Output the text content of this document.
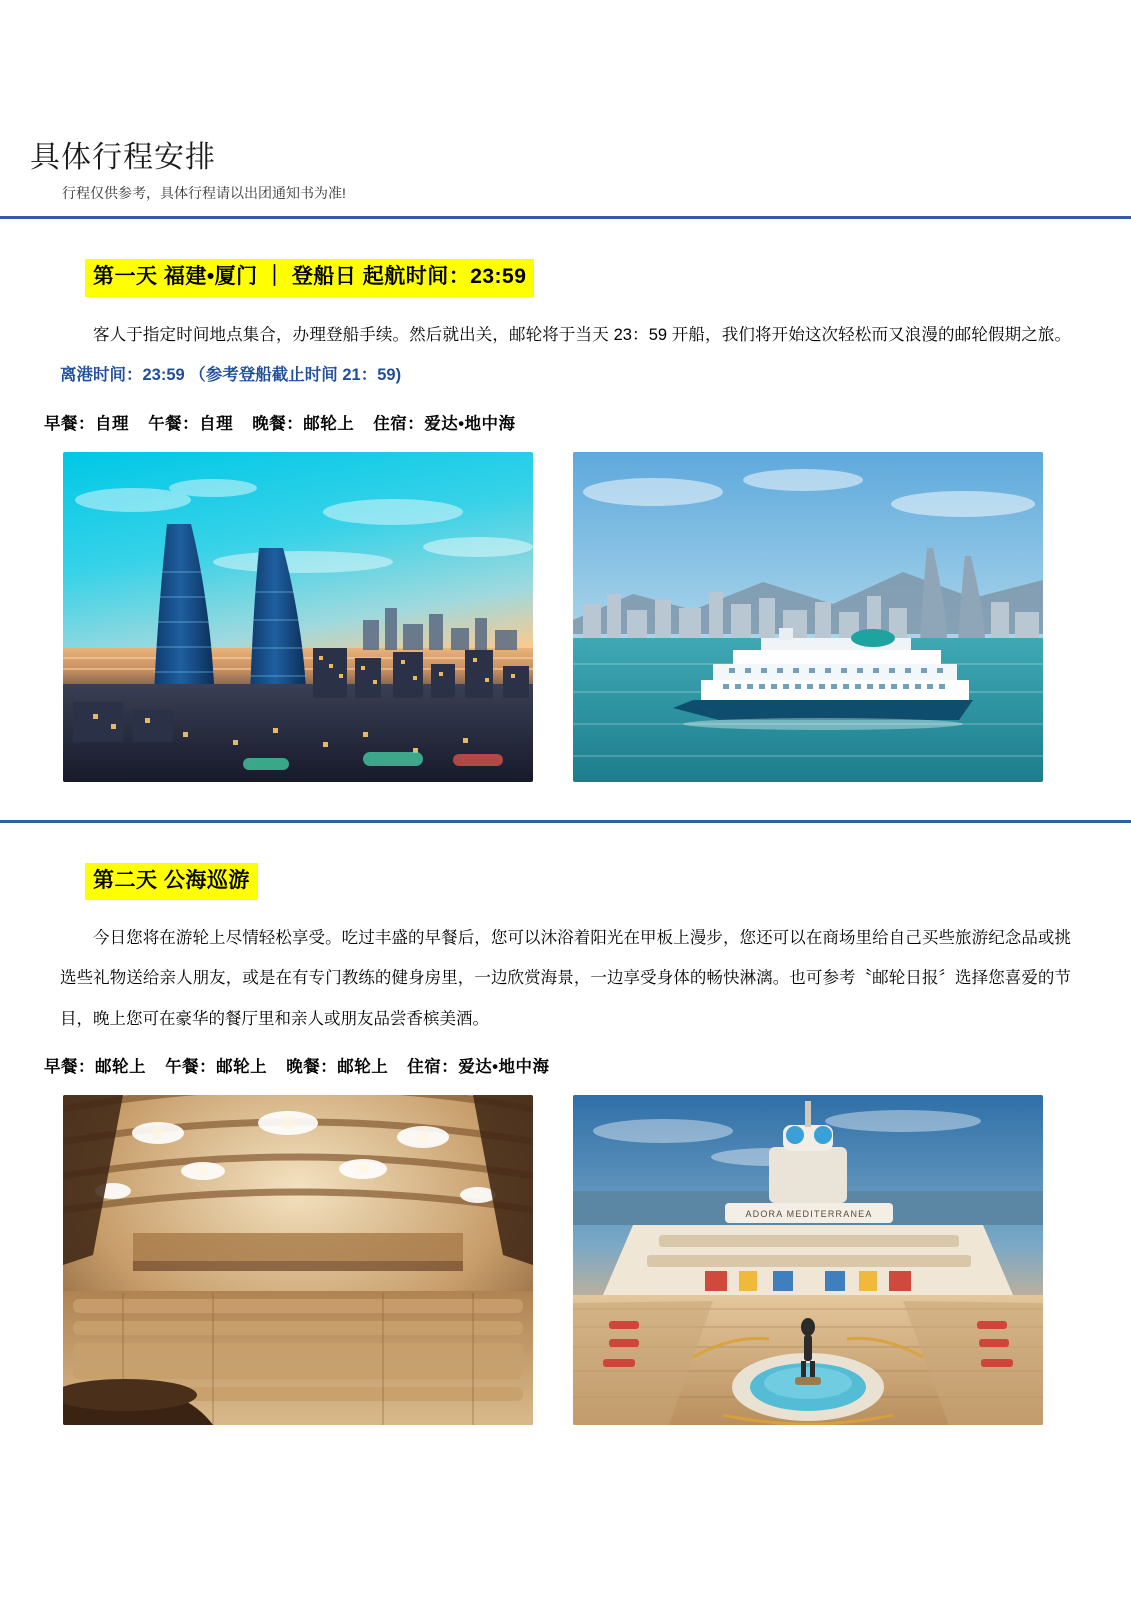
具体行程安排
行程仅供参考，具体行程请以出团通知书为准!
第一天 福建•厦门 ｜ 登船日 起航时间：23:59

客人于指定时间地点集合，办理登船手续。然后就出关，邮轮将于当天 23：59 开船，我们将开始这次轻松而又浪漫的邮轮假期之旅。离港时间：23:59 （参考登船截止时间 21：59)

早餐：自理 午餐：自理 晚餐：邮轮上 住宿：爱达•地中海
第二天 公海巡游

今日您将在游轮上尽情轻松享受。吃过丰盛的早餐后，您可以沐浴着阳光在甲板上漫步，您还可以在商场里给自己买些旅游纪念品或挑选些礼物送给亲人朋友，或是在有专门教练的健身房里，一边欣赏海景，一边享受身体的畅快淋漓。也可参考〝邮轮日报〞选择您喜爱的节目，晚上您可在豪华的餐厅里和亲人或朋友品尝香槟美酒。

早餐：邮轮上 午餐：邮轮上 晚餐：邮轮上 住宿：爱达•地中海
ADORA MEDITERRANEA
